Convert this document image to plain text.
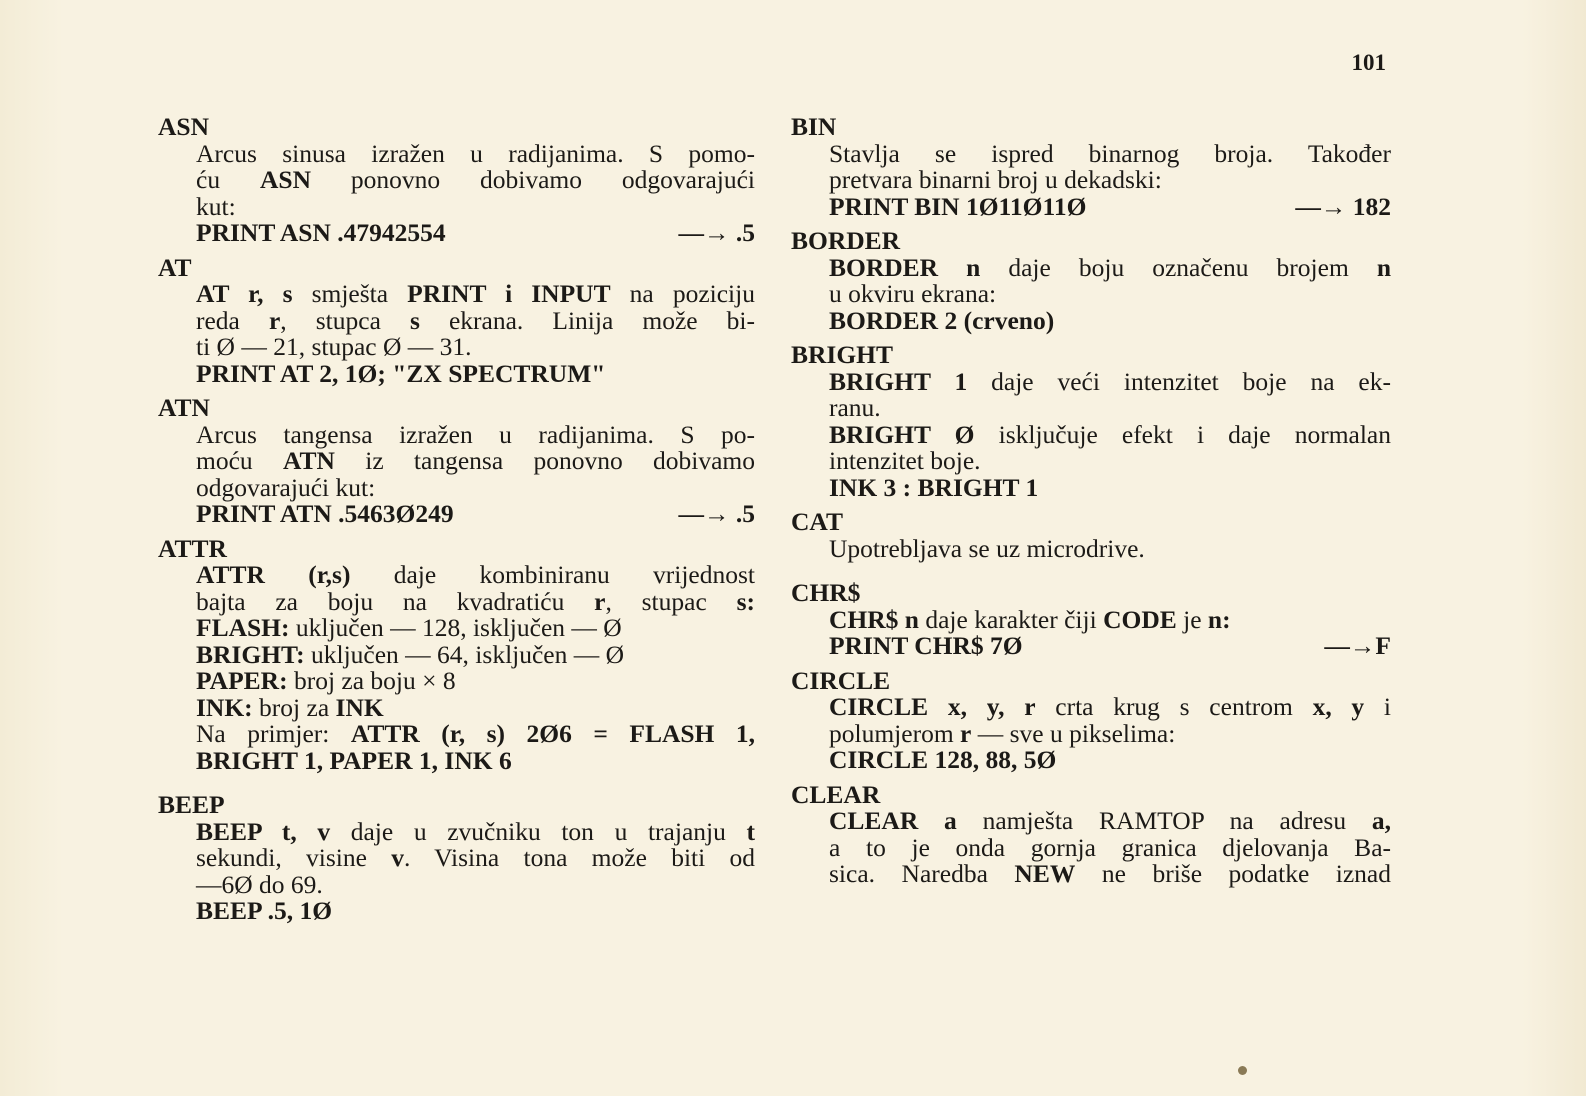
101
ASN
Arcus sinusa izražen u radijanima. S pomo-
ću ASN ponovno dobivamo odgovarajući
kut:
PRINT ASN .47942554	—→ .5
AT
AT r, s smješta PRINT i INPUT na poziciju
reda r, stupca s ekrana. Linija može bi-
ti Ø — 21, stupac Ø — 31.
PRINT AT 2, 1Ø; "ZX SPECTRUM"
ATN
Arcus tangensa izražen u radijanima. S po-
moću ATN iz tangensa ponovno dobivamo
odgovarajući kut:
PRINT ATN .5463Ø249	—→ .5
ATTR
ATTR (r,s) daje kombiniranu vrijednost
bajta za boju na kvadratiću r, stupac s:
FLASH: uključen — 128, isključen — Ø
BRIGHT: uključen — 64, isključen — Ø
PAPER: broj za boju × 8
INK: broj za INK
Na primjer: ATTR (r, s) 2Ø6 = FLASH 1,
BRIGHT 1, PAPER 1, INK 6
BEEP
BEEP t, v daje u zvučniku ton u trajanju t
sekundi, visine v. Visina tona može biti od
—6Ø do 69.
BEEP .5, 1Ø
BIN
Stavlja se ispred binarnog broja. Također
pretvara binarni broj u dekadski:
PRINT BIN 1Ø11Ø11Ø	—→ 182
BORDER
BORDER n daje boju označenu brojem n
u okviru ekrana:
BORDER 2 (crveno)
BRIGHT
BRIGHT 1 daje veći intenzitet boje na ek-
ranu.
BRIGHT Ø isključuje efekt i daje normalan
intenzitet boje.
INK 3 : BRIGHT 1
CAT
Upotrebljava se uz microdrive.
CHR$
CHR$ n daje karakter čiji CODE je n:
PRINT CHR$ 7Ø	—→F
CIRCLE
CIRCLE x, y, r crta krug s centrom x, y i
polumjerom r — sve u pikselima:
CIRCLE 128, 88, 5Ø
CLEAR
CLEAR a namješta RAMTOP na adresu a,
a to je onda gornja granica djelovanja Ba-
sica. Naredba NEW ne briše podatke iznad
